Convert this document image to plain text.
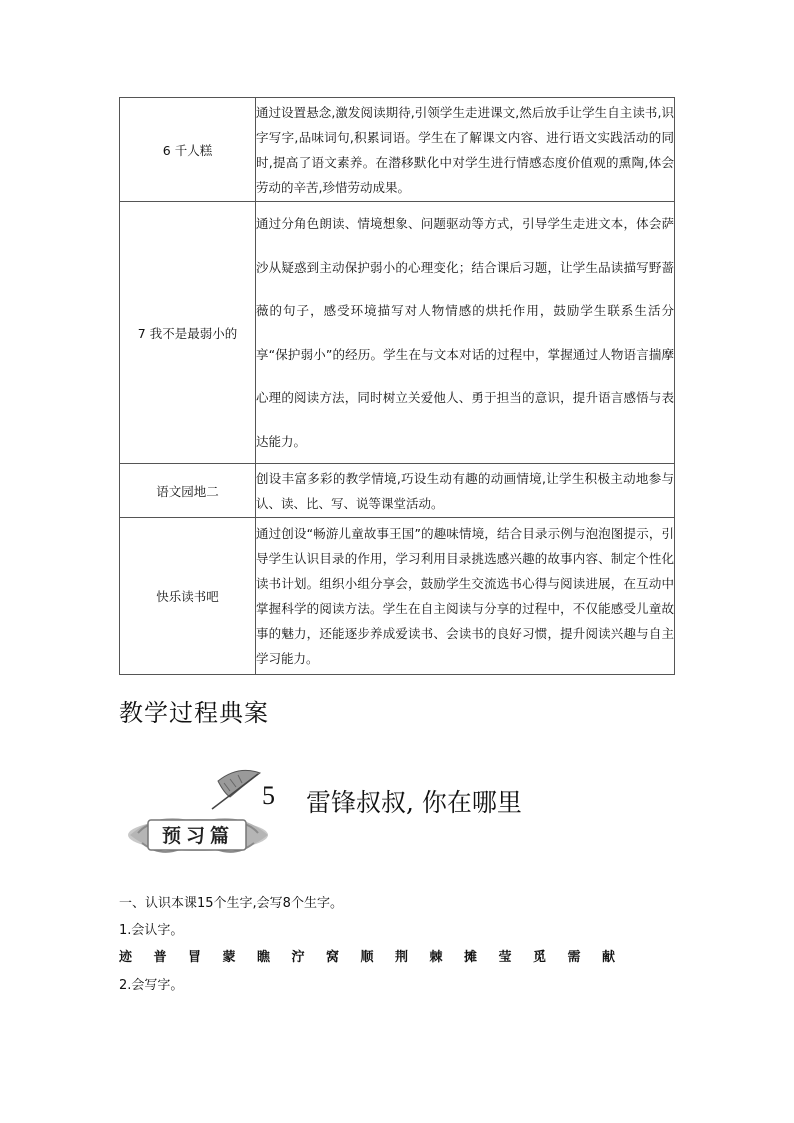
6 千人糕	通过设置悬念,激发阅读期待,引领学生走进课文,然后放手让学生自主读书,识字写字,品味词句,积累词语。学生在了解课文内容、进行语文实践活动的同时,提高了语文素养。在潜移默化中对学生进行情感态度价值观的熏陶,体会劳动的辛苦,珍惜劳动成果。
7 我不是最弱小的	通过分角色朗读、情境想象、问题驱动等方式，引导学生走进文本，体会萨沙从疑惑到主动保护弱小的心理变化；结合课后习题，让学生品读描写野蔷薇的句子，感受环境描写对人物情感的烘托作用，鼓励学生联系生活分享“保护弱小”的经历。学生在与文本对话的过程中，掌握通过人物语言揣摩心理的阅读方法，同时树立关爱他人、勇于担当的意识，提升语言感悟与表达能力。
语文园地二	创设丰富多彩的教学情境,巧设生动有趣的动画情境,让学生积极主动地参与认、读、比、写、说等课堂活动。
快乐读书吧	通过创设“畅游儿童故事王国”的趣味情境，结合目录示例与泡泡图提示，引导学生认识目录的作用，学习利用目录挑选感兴趣的故事内容、制定个性化读书计划。组织小组分享会，鼓励学生交流选书心得与阅读进展，在互动中掌握科学的阅读方法。学生在自主阅读与分享的过程中，不仅能感受儿童故事的魅力，还能逐步养成爱读书、会读书的良好习惯，提升阅读兴趣与自主学习能力。
教学过程典案
预习篇
5 雷锋叔叔, 你在哪里
一、认识本课15个生字,会写8个生字。
1.会认字。
迹	普	冒	蒙	瞧	泞	窝	顺	荆	棘	摊	莹	觅	需	献
2.会写字。
